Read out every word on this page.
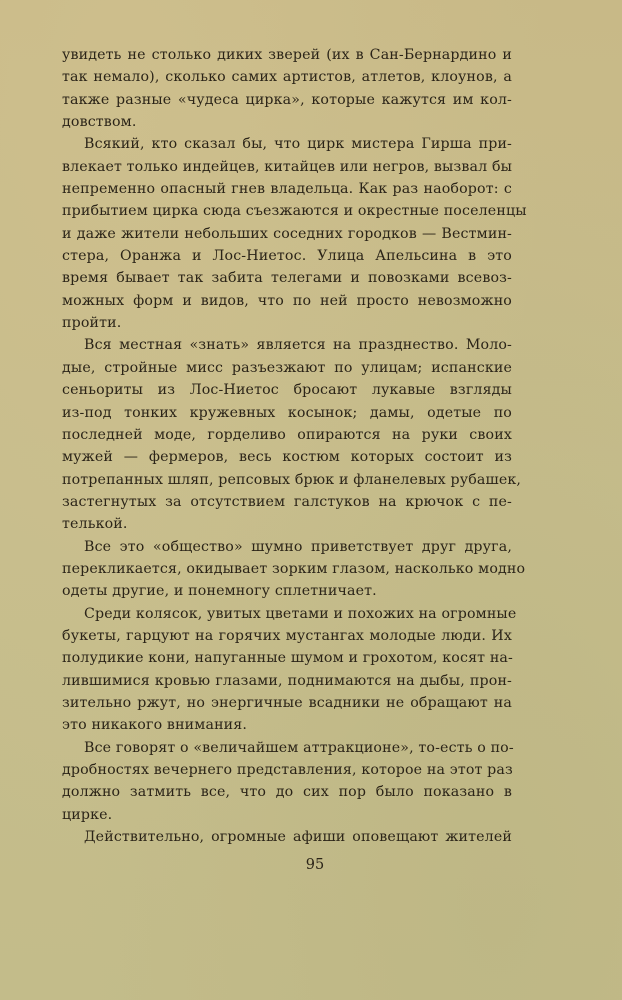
увидеть не столько диких зверей (их в Сан-Бернардино и
так немало), сколько самих артистов, атлетов, клоунов, а
также разные «чудеса цирка», которые кажутся им кол-
довством.
Всякий, кто сказал бы, что цирк мистера Гирша при-
влекает только индейцев, китайцев или негров, вызвал бы
непременно опасный гнев владельца. Как раз наоборот: с
прибытием цирка сюда съезжаются и окрестные поселенцы
и даже жители небольших соседних городков — Вестмин-
стера, Оранжа и Лос-Ниетос. Улица Апельсина в это
время бывает так забита телегами и повозками всевоз-
можных форм и видов, что по ней просто невозможно
пройти.
Вся местная «знать» является на празднество. Моло-
дые, стройные мисс разъезжают по улицам; испанские
сеньориты из Лос-Ниетос бросают лукавые взгляды
из-под тонких кружевных косынок; дамы, одетые по
последней моде, горделиво опираются на руки своих
мужей — фермеров, весь костюм которых состоит из
потрепанных шляп, репсовых брюк и фланелевых рубашек,
застегнутых за отсутствием галстуков на крючок с пе-
телькой.
Все это «общество» шумно приветствует друг друга,
перекликается, окидывает зорким глазом, насколько модно
одеты другие, и понемногу сплетничает.
Среди колясок, увитых цветами и похожих на огромные
букеты, гарцуют на горячих мустангах молодые люди. Их
полудикие кони, напуганные шумом и грохотом, косят на-
лившимися кровью глазами, поднимаются на дыбы, прон-
зительно ржут, но энергичные всадники не обращают на
это никакого внимания.
Все говорят о «величайшем аттракционе», то-есть о по-
дробностях вечернего представления, которое на этот раз
должно затмить все, что до сих пор было показано в
цирке.
Действительно, огромные афиши оповещают жителей
95
